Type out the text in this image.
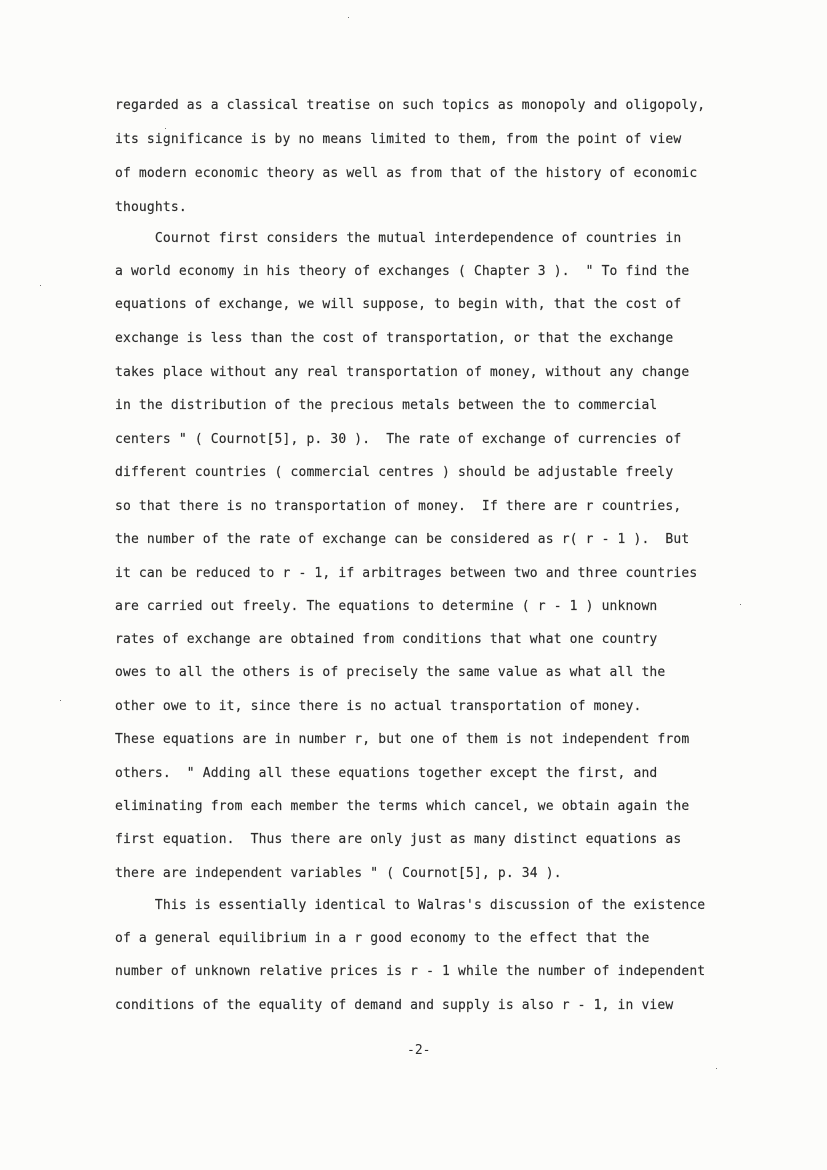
regarded as a classical treatise on such topics as monopoly and oligopoly,
its significance is by no means limited to them, from the point of view
of modern economic theory as well as from that of the history of economic
thoughts.
Cournot first considers the mutual interdependence of countries in
a world economy in his theory of exchanges ( Chapter 3 ).  " To find the
equations of exchange, we will suppose, to begin with, that the cost of
exchange is less than the cost of transportation, or that the exchange
takes place without any real transportation of money, without any change
in the distribution of the precious metals between the to commercial
centers " ( Cournot[5], p. 30 ).  The rate of exchange of currencies of
different countries ( commercial centres ) should be adjustable freely
so that there is no transportation of money.  If there are r countries,
the number of the rate of exchange can be considered as r( r - 1 ).  But
it can be reduced to r - 1, if arbitrages between two and three countries
are carried out freely. The equations to determine ( r - 1 ) unknown
rates of exchange are obtained from conditions that what one country
owes to all the others is of precisely the same value as what all the
other owe to it, since there is no actual transportation of money.
These equations are in number r, but one of them is not independent from
others.  " Adding all these equations together except the first, and
eliminating from each member the terms which cancel, we obtain again the
first equation.  Thus there are only just as many distinct equations as
there are independent variables " ( Cournot[5], p. 34 ).
This is essentially identical to Walras's discussion of the existence
of a general equilibrium in a r good economy to the effect that the
number of unknown relative prices is r - 1 while the number of independent
conditions of the equality of demand and supply is also r - 1, in view
-2-
